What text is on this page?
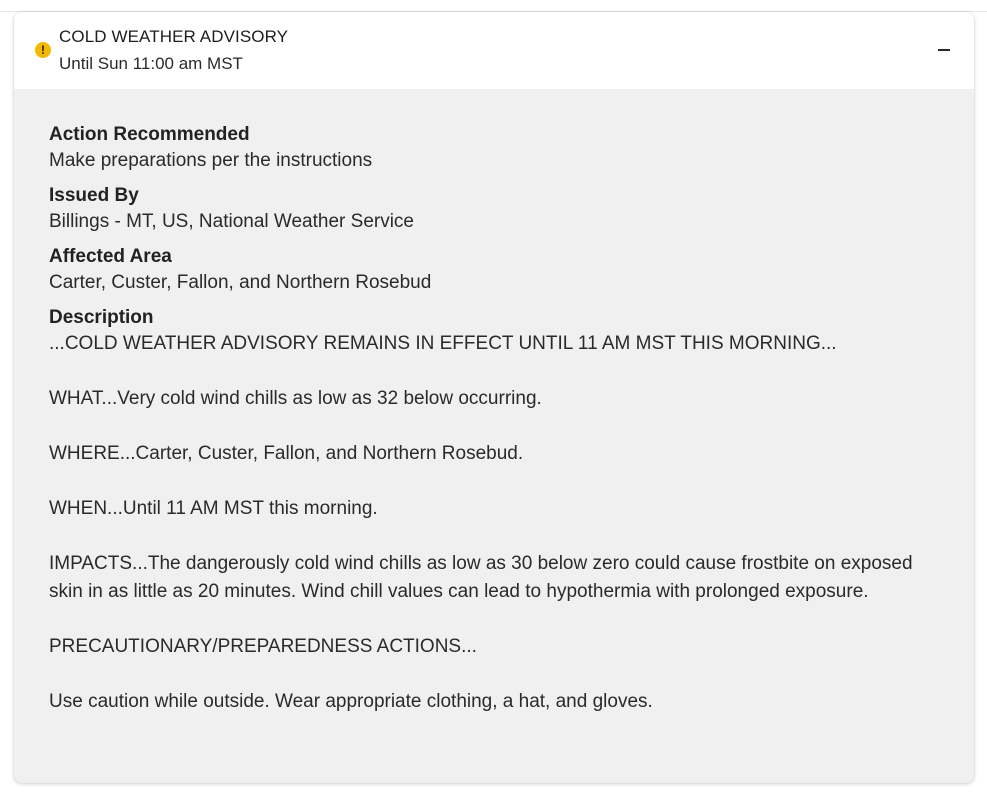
!
COLD WEATHER ADVISORY
Until Sun 11:00 am MST
Action Recommended
Make preparations per the instructions
Issued By
Billings - MT, US, National Weather Service
Affected Area
Carter, Custer, Fallon, and Northern Rosebud
Description

...COLD WEATHER ADVISORY REMAINS IN EFFECT UNTIL 11 AM MST THIS MORNING...

WHAT...Very cold wind chills as low as 32 below occurring.

WHERE...Carter, Custer, Fallon, and Northern Rosebud.

WHEN...Until 11 AM MST this morning.

IMPACTS...The dangerously cold wind chills as low as 30 below zero could cause frostbite on exposed skin in as little as 20 minutes. Wind chill values can lead to hypothermia with prolonged exposure.

PRECAUTIONARY/PREPAREDNESS ACTIONS...

Use caution while outside. Wear appropriate clothing, a hat, and gloves.
